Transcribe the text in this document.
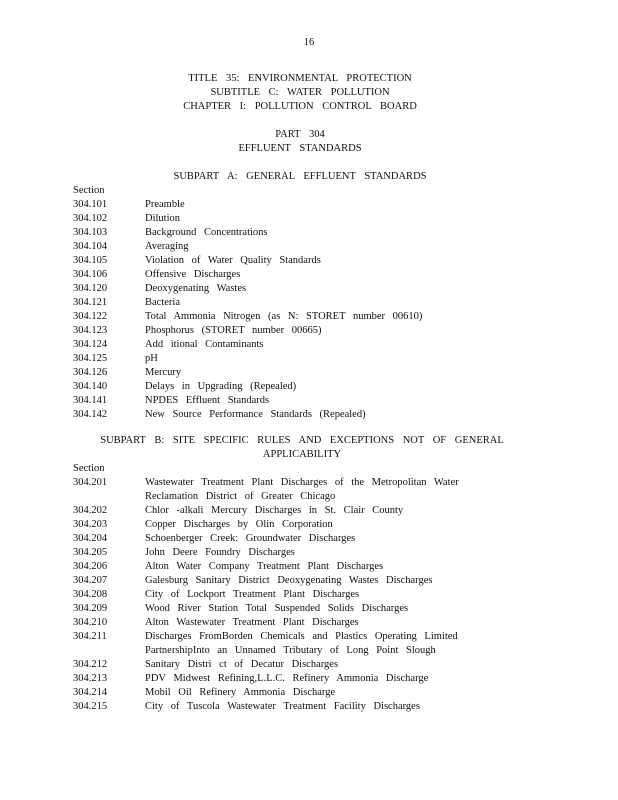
16
TITLE 35: ENVIRONMENTAL PROTECTION
SUBTITLE C: WATER POLLUTION
CHAPTER I: POLLUTION CONTROL BOARD
PART 304
EFFLUENT STANDARDS
SUBPART A: GENERAL EFFLUENT STANDARDS
Section
304.101	Preamble
304.102	Dilution
304.103	Background Concentrations
304.104	Averaging
304.105	Violation of Water Quality Standards
304.106	Offensive Discharges
304.120	Deoxygenating Wastes
304.121	Bacteria
304.122	Total Ammonia Nitrogen (as N: STORET number 00610)
304.123	Phosphorus (STORET number 00665)
304.124	Add itional Contaminants
304.125	pH
304.126	Mercury
304.140	Delays in Upgrading (Repealed)
304.141	NPDES Effluent Standards
304.142	New Source Performance Standards (Repealed)
SUBPART B: SITE SPECIFIC RULES AND EXCEPTIONS NOT OF GENERAL
APPLICABILITY
Section
304.201	Wastewater Treatment Plant Discharges of the Metropolitan Water
Reclamation District of Greater Chicago
304.202	Chlor -alkali Mercury Discharges in St. Clair County
304.203	Copper Discharges by Olin Corporation
304.204	Schoenberger Creek: Groundwater Discharges
304.205	John Deere Foundry Discharges
304.206	Alton Water Company Treatment Plant Discharges
304.207	Galesburg Sanitary District Deoxygenating Wastes Discharges
304.208	City of Lockport Treatment Plant Discharges
304.209	Wood River Station Total Suspended Solids Discharges
304.210	Alton Wastewater Treatment Plant Discharges
304.211	Discharges FromBorden Chemicals and Plastics Operating Limited
PartnershipInto an Unnamed Tributary of Long Point Slough
304.212	Sanitary Distri ct of Decatur Discharges
304.213	PDV Midwest Refining,L.L.C. Refinery Ammonia Discharge
304.214	Mobil Oil Refinery Ammonia Discharge
304.215	City of Tuscola Wastewater Treatment Facility Discharges
